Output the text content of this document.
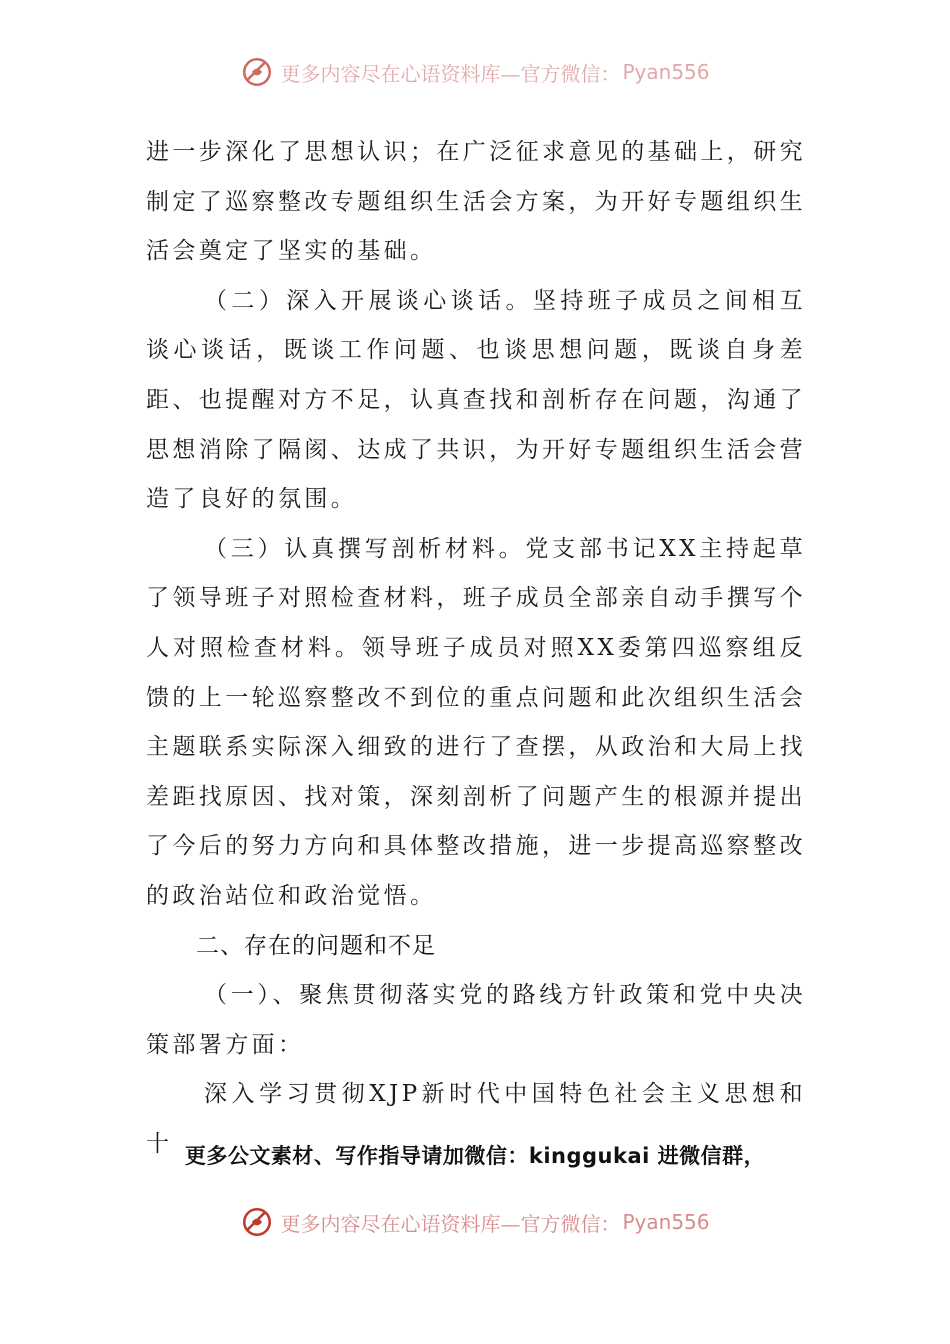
更多内容尽在心语资料库—官方微信： Pyan556

进一步深化了思想认识；在广泛征求意见的基础上，研究制定了巡察整改专题组织生活会方案，为开好专题组织生活会奠定了坚实的基础。

（二）深入开展谈心谈话。坚持班子成员之间相互谈心谈话，既谈工作问题、也谈思想问题，既谈自身差距、也提醒对方不足，认真查找和剖析存在问题，沟通了思想消除了隔阂、达成了共识，为开好专题组织生活会营造了良好的氛围。

（三）认真撰写剖析材料。党支部书记XX主持起草了领导班子对照检查材料，班子成员全部亲自动手撰写个人对照检查材料。领导班子成员对照XX委第四巡察组反馈的上一轮巡察整改不到位的重点问题和此次组织生活会主题联系实际深入细致的进行了查摆，从政治和大局上找差距找原因、找对策，深刻剖析了问题产生的根源并提出了今后的努力方向和具体整改措施，进一步提高巡察整改的政治站位和政治觉悟。

二、存在的问题和不足

（一）、聚焦贯彻落实党的路线方针政策和党中央决策部署方面：

深入学习贯彻XJP新时代中国特色社会主义思想和十 更多公文素材、写作指导请加微信：kinggukai 进微信群，
更多内容尽在心语资料库—官方微信： Pyan556
